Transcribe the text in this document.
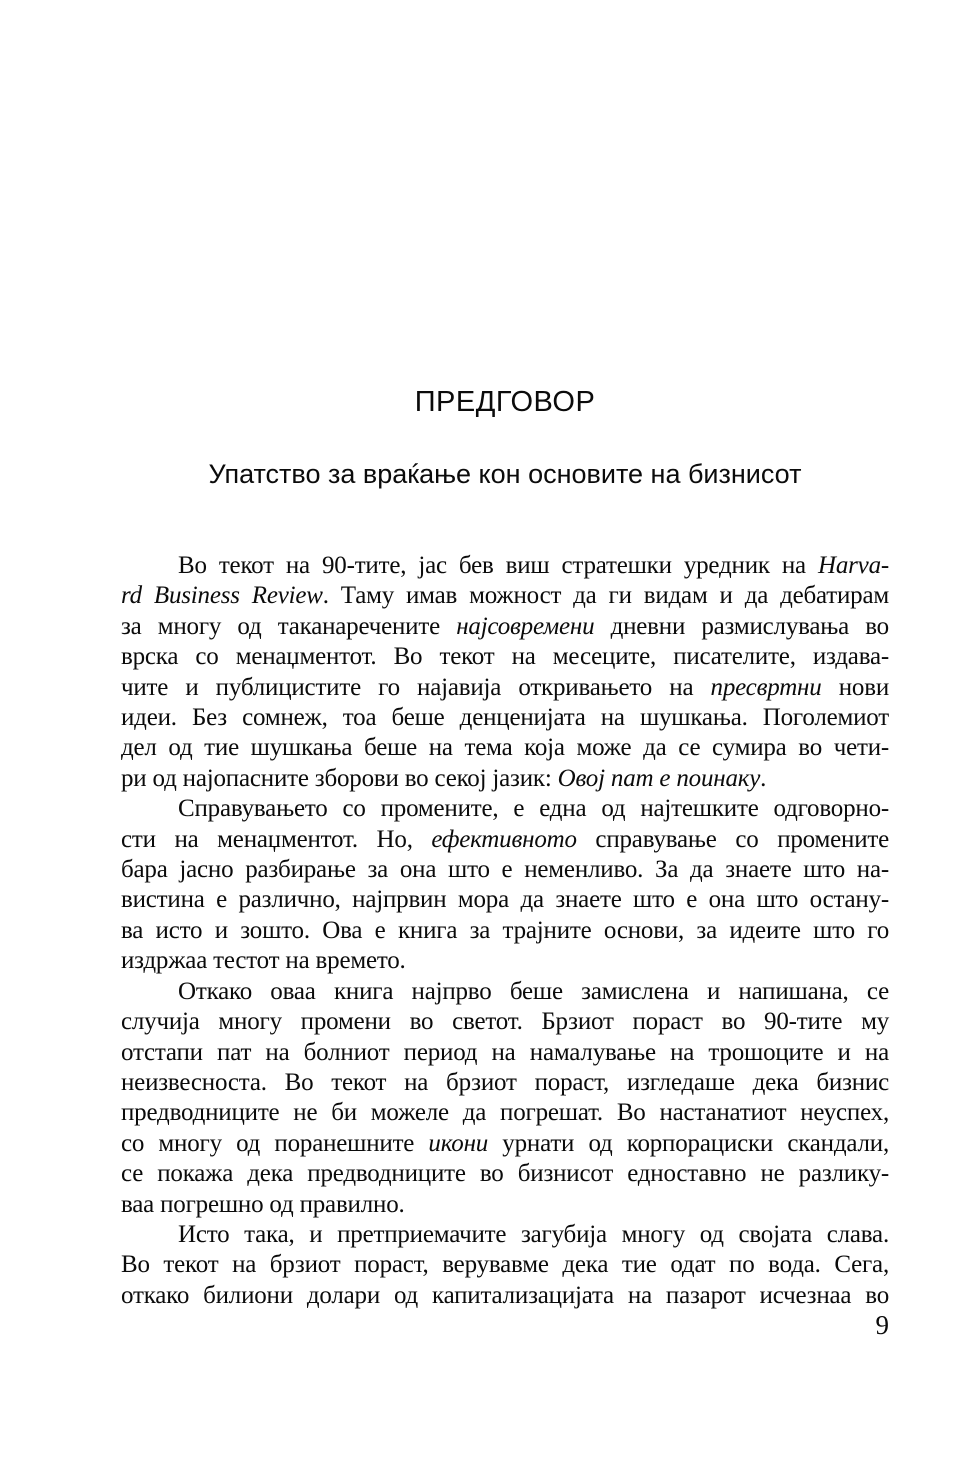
ПРЕДГОВОР
Упатство за враќање кон основите на бизнисот
Во текот на 90-тите, јас бев виш стратешки уредник на Harva-
rd Business Review. Таму имав можност да ги видам и да дебатирам
за многу од таканаречените најсовремени дневни размислувања во
врска со менаџментот. Во текот на месеците, писателите, издава-
чите и публицистите го најавија откривањето на пресвртни нови
идеи. Без сомнеж, тоа беше денценијата на шушкања. Поголемиот
дел од тие шушкања беше на тема која може да се сумира во чети-
ри од најопасните зборови во секој јазик: Овој пат е поинаку.
Справувањето со промените, е една од најтешките одговорно-
сти на менаџментот. Но, ефективното справување со промените
бара јасно разбирање за она што е неменливо. За да знаете што на-
вистина е различно, најпрвин мора да знаете што е она што остану-
ва исто и зошто. Ова е книга за трајните основи, за идеите што го
издржаа тестот на времето.
Откако оваа книга најпрво беше замислена и напишана, се
случија многу промени во светот. Брзиот пораст во 90-тите му
отстапи пат на болниот период на намалување на трошоците и на
неизвесноста. Во текот на брзиот пораст, изгледаше дека бизнис
предводниците не би можеле да погрешат. Во настанатиот неуспех,
со многу од поранешните икони урнати од корпорациски скандали,
се покажа дека предводниците во бизнисот едноставно не разлику-
ваа погрешно од правилно.
Исто така, и претприемачите загубија многу од својата слава.
Во текот на брзиот пораст, верувавме дека тие одат по вода. Сега,
откако билиони долари од капитализацијата на пазарот исчезнаа во
9
